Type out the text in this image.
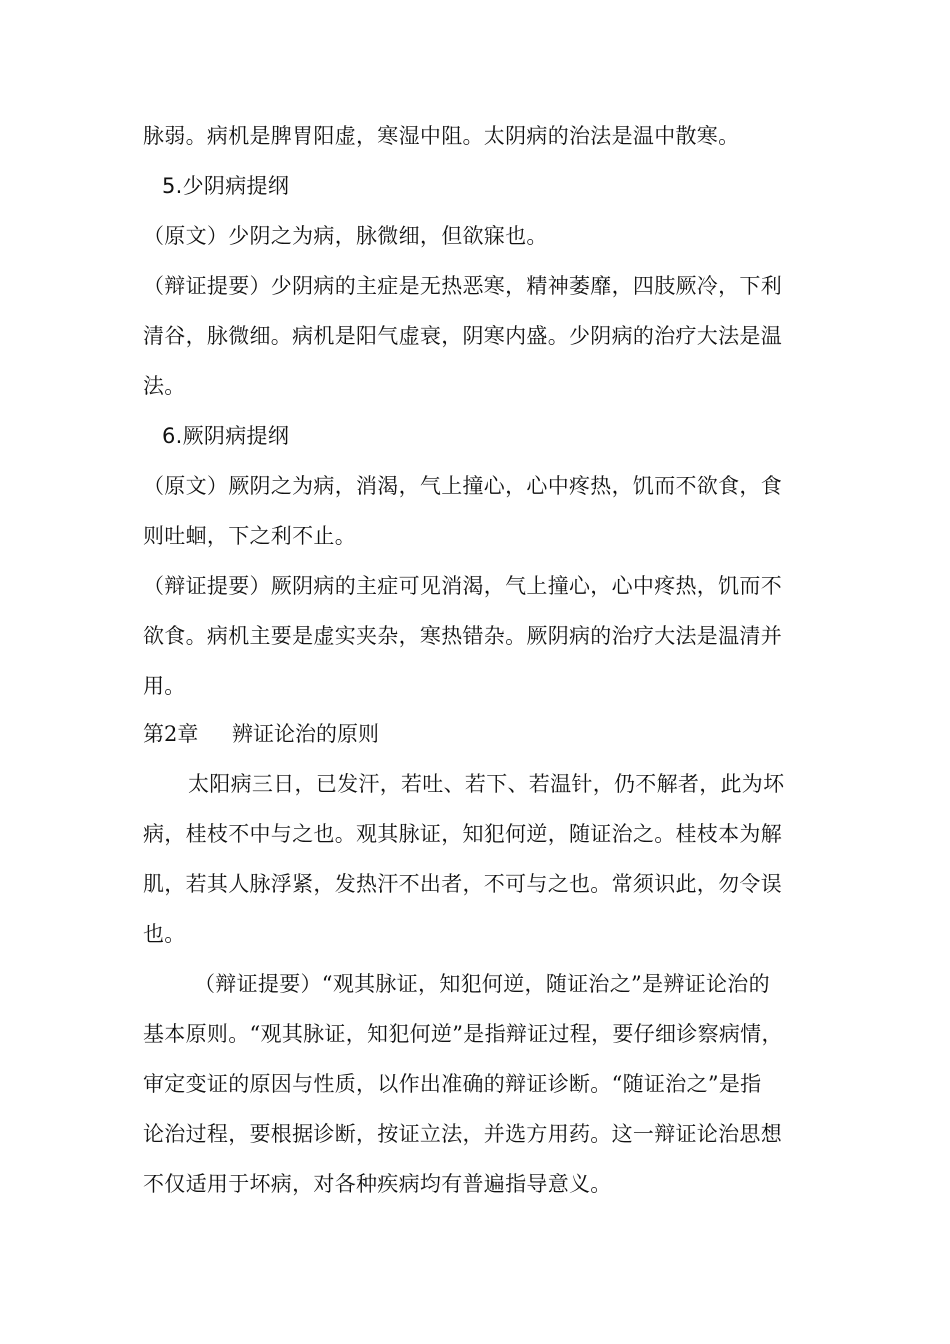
脉弱。病机是脾胃阳虚，寒湿中阻。太阴病的治法是温中散寒。
5.少阴病提纲
（原文）少阴之为病，脉微细，但欲寐也。
（辩证提要）少阴病的主症是无热恶寒，精神萎靡，四肢厥冷，下利
清谷，脉微细。病机是阳气虚衰，阴寒内盛。少阴病的治疗大法是温
法。
6.厥阴病提纲
（原文）厥阴之为病，消渴，气上撞心，心中疼热，饥而不欲食，食
则吐蛔，下之利不止。
（辩证提要）厥阴病的主症可见消渴，气上撞心，心中疼热，饥而不
欲食。病机主要是虚实夹杂，寒热错杂。厥阴病的治疗大法是温清并
用。
第2章 辨证论治的原则
太阳病三日，已发汗，若吐、若下、若温针，仍不解者，此为坏
病，桂枝不中与之也。观其脉证，知犯何逆，随证治之。桂枝本为解
肌，若其人脉浮紧，发热汗不出者，不可与之也。常须识此，勿令误
也。
（辩证提要）“观其脉证，知犯何逆，随证治之”是辨证论治的
基本原则。“观其脉证，知犯何逆”是指辩证过程，要仔细诊察病情，
审定变证的原因与性质，以作出准确的辩证诊断。“随证治之”是指
论治过程，要根据诊断，按证立法，并选方用药。这一辩证论治思想
不仅适用于坏病，对各种疾病均有普遍指导意义。
